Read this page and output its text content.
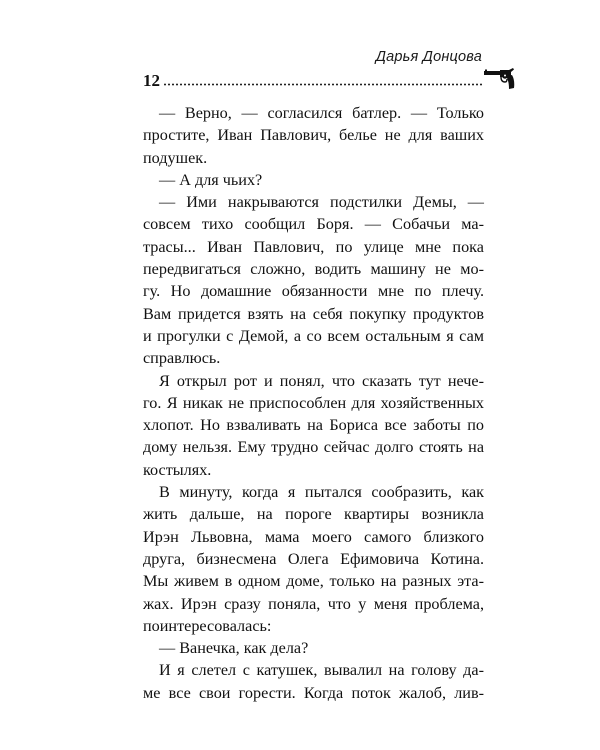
Дарья Донцова
12
— Верно, — согласился батлер. — Только
простите, Иван Павлович, белье не для ваших
подушек.
— А для чьих?
— Ими накрываются подстилки Демы, —
совсем тихо сообщил Боря. — Собачьи ма-
трасы... Иван Павлович, по улице мне пока
передвигаться сложно, водить машину не мо-
гу. Но домашние обязанности мне по плечу.
Вам придется взять на себя покупку продуктов
и прогулки с Демой, а со всем остальным я сам
справлюсь.
Я открыл рот и понял, что сказать тут нече-
го. Я никак не приспособлен для хозяйственных
хлопот. Но взваливать на Бориса все заботы по
дому нельзя. Ему трудно сейчас долго стоять на
костылях.
В минуту, когда я пытался сообразить, как
жить дальше, на пороге квартиры возникла
Ирэн Львовна, мама моего самого близкого
друга, бизнесмена Олега Ефимовича Котина.
Мы живем в одном доме, только на разных эта-
жах. Ирэн сразу поняла, что у меня проблема,
поинтересовалась:
— Ванечка, как дела?
И я слетел с катушек, вывалил на голову да-
ме все свои горести. Когда поток жалоб, лив-
